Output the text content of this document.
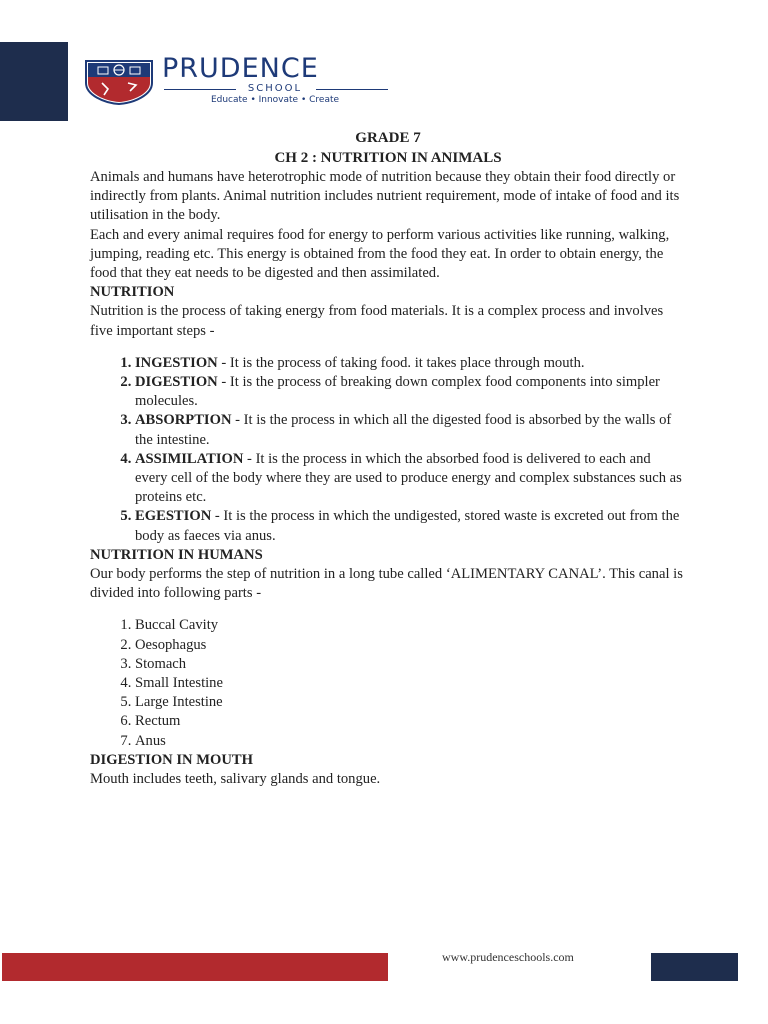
PRUDENCE
SCHOOL
Educate • Innovate • Create
GRADE 7
CH 2 : NUTRITION IN ANIMALS

Animals and humans have heterotrophic mode of nutrition because they obtain their food directly or indirectly from plants. Animal nutrition includes nutrient requirement, mode of intake of food and its utilisation in the body.

Each and every animal requires food for energy to perform various activities like running, walking, jumping, reading etc. This energy is obtained from the food they eat. In order to obtain energy, the food that they eat needs to be digested and then assimilated.

NUTRITION

Nutrition is the process of taking energy from food materials. It is a complex process and involves five important steps -

1. INGESTION - It is the process of taking food. it takes place through mouth.
2. DIGESTION - It is the process of breaking down complex food components into simpler molecules.
3. ABSORPTION - It is the process in which all the digested food is absorbed by the walls of the intestine.
4. ASSIMILATION - It is the process in which the absorbed food is delivered to each and every cell of the body where they are used to produce energy and complex substances such as proteins etc.
5. EGESTION - It is the process in which the undigested, stored waste is excreted out from the body as faeces via anus.
NUTRITION IN HUMANS

Our body performs the step of nutrition in a long tube called ‘ALIMENTARY CANAL’. This canal is divided into following parts -

1. Buccal Cavity
2. Oesophagus
3. Stomach
4. Small Intestine
5. Large Intestine
6. Rectum
7. Anus
DIGESTION IN MOUTH

Mouth includes teeth, salivary glands and tongue.

www.prudenceschools.com
